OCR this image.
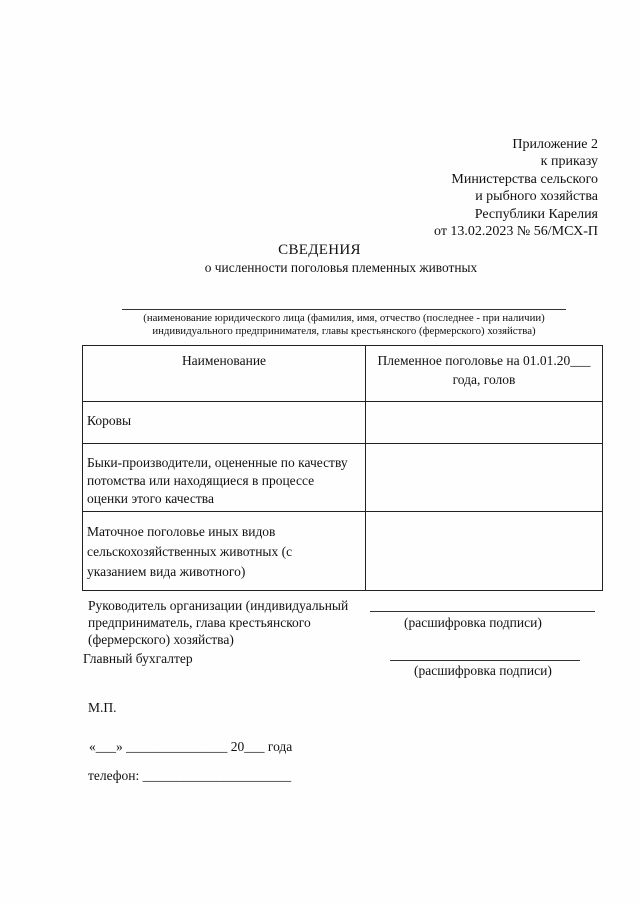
Приложение 2
к приказу
Министерства сельского
и рыбного хозяйства
Республики Карелия
от 13.02.2023 № 56/МСХ-П
СВЕДЕНИЯ
о численности поголовья племенных животных
(наименование юридического лица (фамилия, имя, отчество (последнее - при наличии)
индивидуального предпринимателя, главы крестьянского (фермерского) хозяйства)
Наименование	Племенное поголовье на 01.01.20___
года, голов

Коровы	

Быки-производители, оцененные по качеству
потомства или находящиеся в процессе
оценки этого качества	

Маточное поголовье иных видов
сельскохозяйственных животных (с
указанием вида животного)	

Руководитель организации (индивидуальный
предприниматель, глава крестьянского
(фермерского) хозяйства)
(расшифровка подписи)
Главный бухгалтер
(расшифровка подписи)
М.П.
«___» _______________ 20___ года
телефон: ______________________
